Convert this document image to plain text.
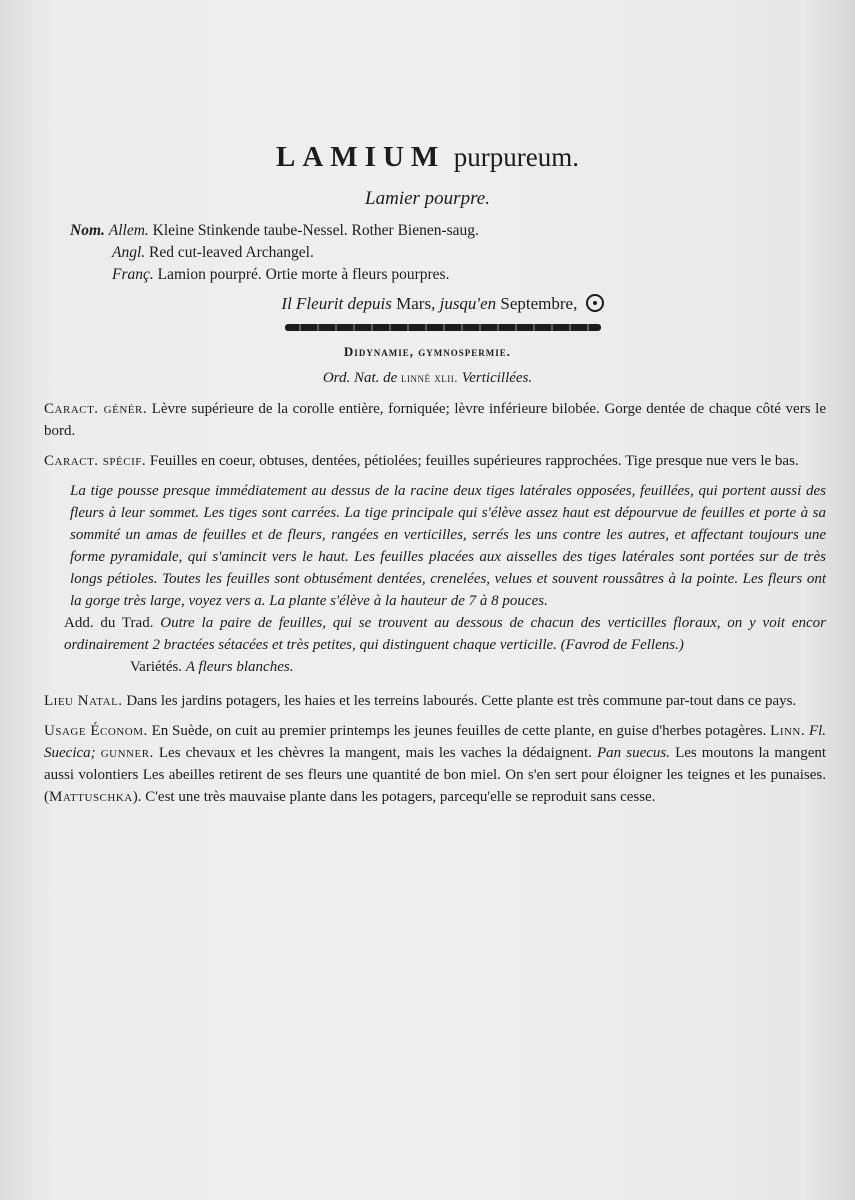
LAMIUM purpureum.
Lamier pourpre.
Nom. Allem. Kleine Stinkende taube-Nessel. Rother Bienen-saug.
Angl. Red cut-leaved Archangel.
Franç. Lamion pourpré. Ortie morte à fleurs pourpres.
Il Fleurit depuis Mars, jusqu'en Septembre,
Didynamie, gymnospermie.
Ord. Nat. de linné xlii. Verticillées.

Caract. génér. Lèvre supérieure de la corolle entière, forniquée; lèvre inférieure bilobée. Gorge dentée de chaque côté vers le bord.

Caract. spécif. Feuilles en coeur, obtuses, dentées, pétiolées; feuilles supérieures rapprochées. Tige presque nue vers le bas.

La tige pousse presque immédiatement au dessus de la racine deux tiges latérales opposées, feuillées, qui portent aussi des fleurs à leur sommet. Les tiges sont carrées. La tige principale qui s'élève assez haut est dépourvue de feuilles et porte à sa sommité un amas de feuilles et de fleurs, rangées en verticilles, serrés les uns contre les autres, et affectant toujours une forme pyramidale, qui s'amincit vers le haut. Les feuilles placées aux aisselles des tiges latérales sont portées sur de très longs pétioles. Toutes les feuilles sont obtusément dentées, crenelées, velues et souvent roussâtres à la pointe. Les fleurs ont la gorge très large, voyez vers a. La plante s'élève à la hauteur de 7 à 8 pouces.

Add. du Trad. Outre la paire de feuilles, qui se trouvent au dessous de chacun des verticilles floraux, on y voit encor ordinairement 2 bractées sétacées et très petites, qui distinguent chaque verticille. (Favrod de Fellens.)

Variétés. A fleurs blanches.

Lieu Natal. Dans les jardins potagers, les haies et les terreins labourés. Cette plante est très commune par-tout dans ce pays.

Usage Économ. En Suède, on cuit au premier printemps les jeunes feuilles de cette plante, en guise d'herbes potagères. Linn. Fl. Suecica; gunner. Les chevaux et les chèvres la mangent, mais les vaches la dédaignent. Pan suecus. Les moutons la mangent aussi volontiers Les abeilles retirent de ses fleurs une quantité de bon miel. On s'en sert pour éloigner les teignes et les punaises. (Mattuschka). C'est une très mauvaise plante dans les potagers, parcequ'elle se reproduit sans cesse.
